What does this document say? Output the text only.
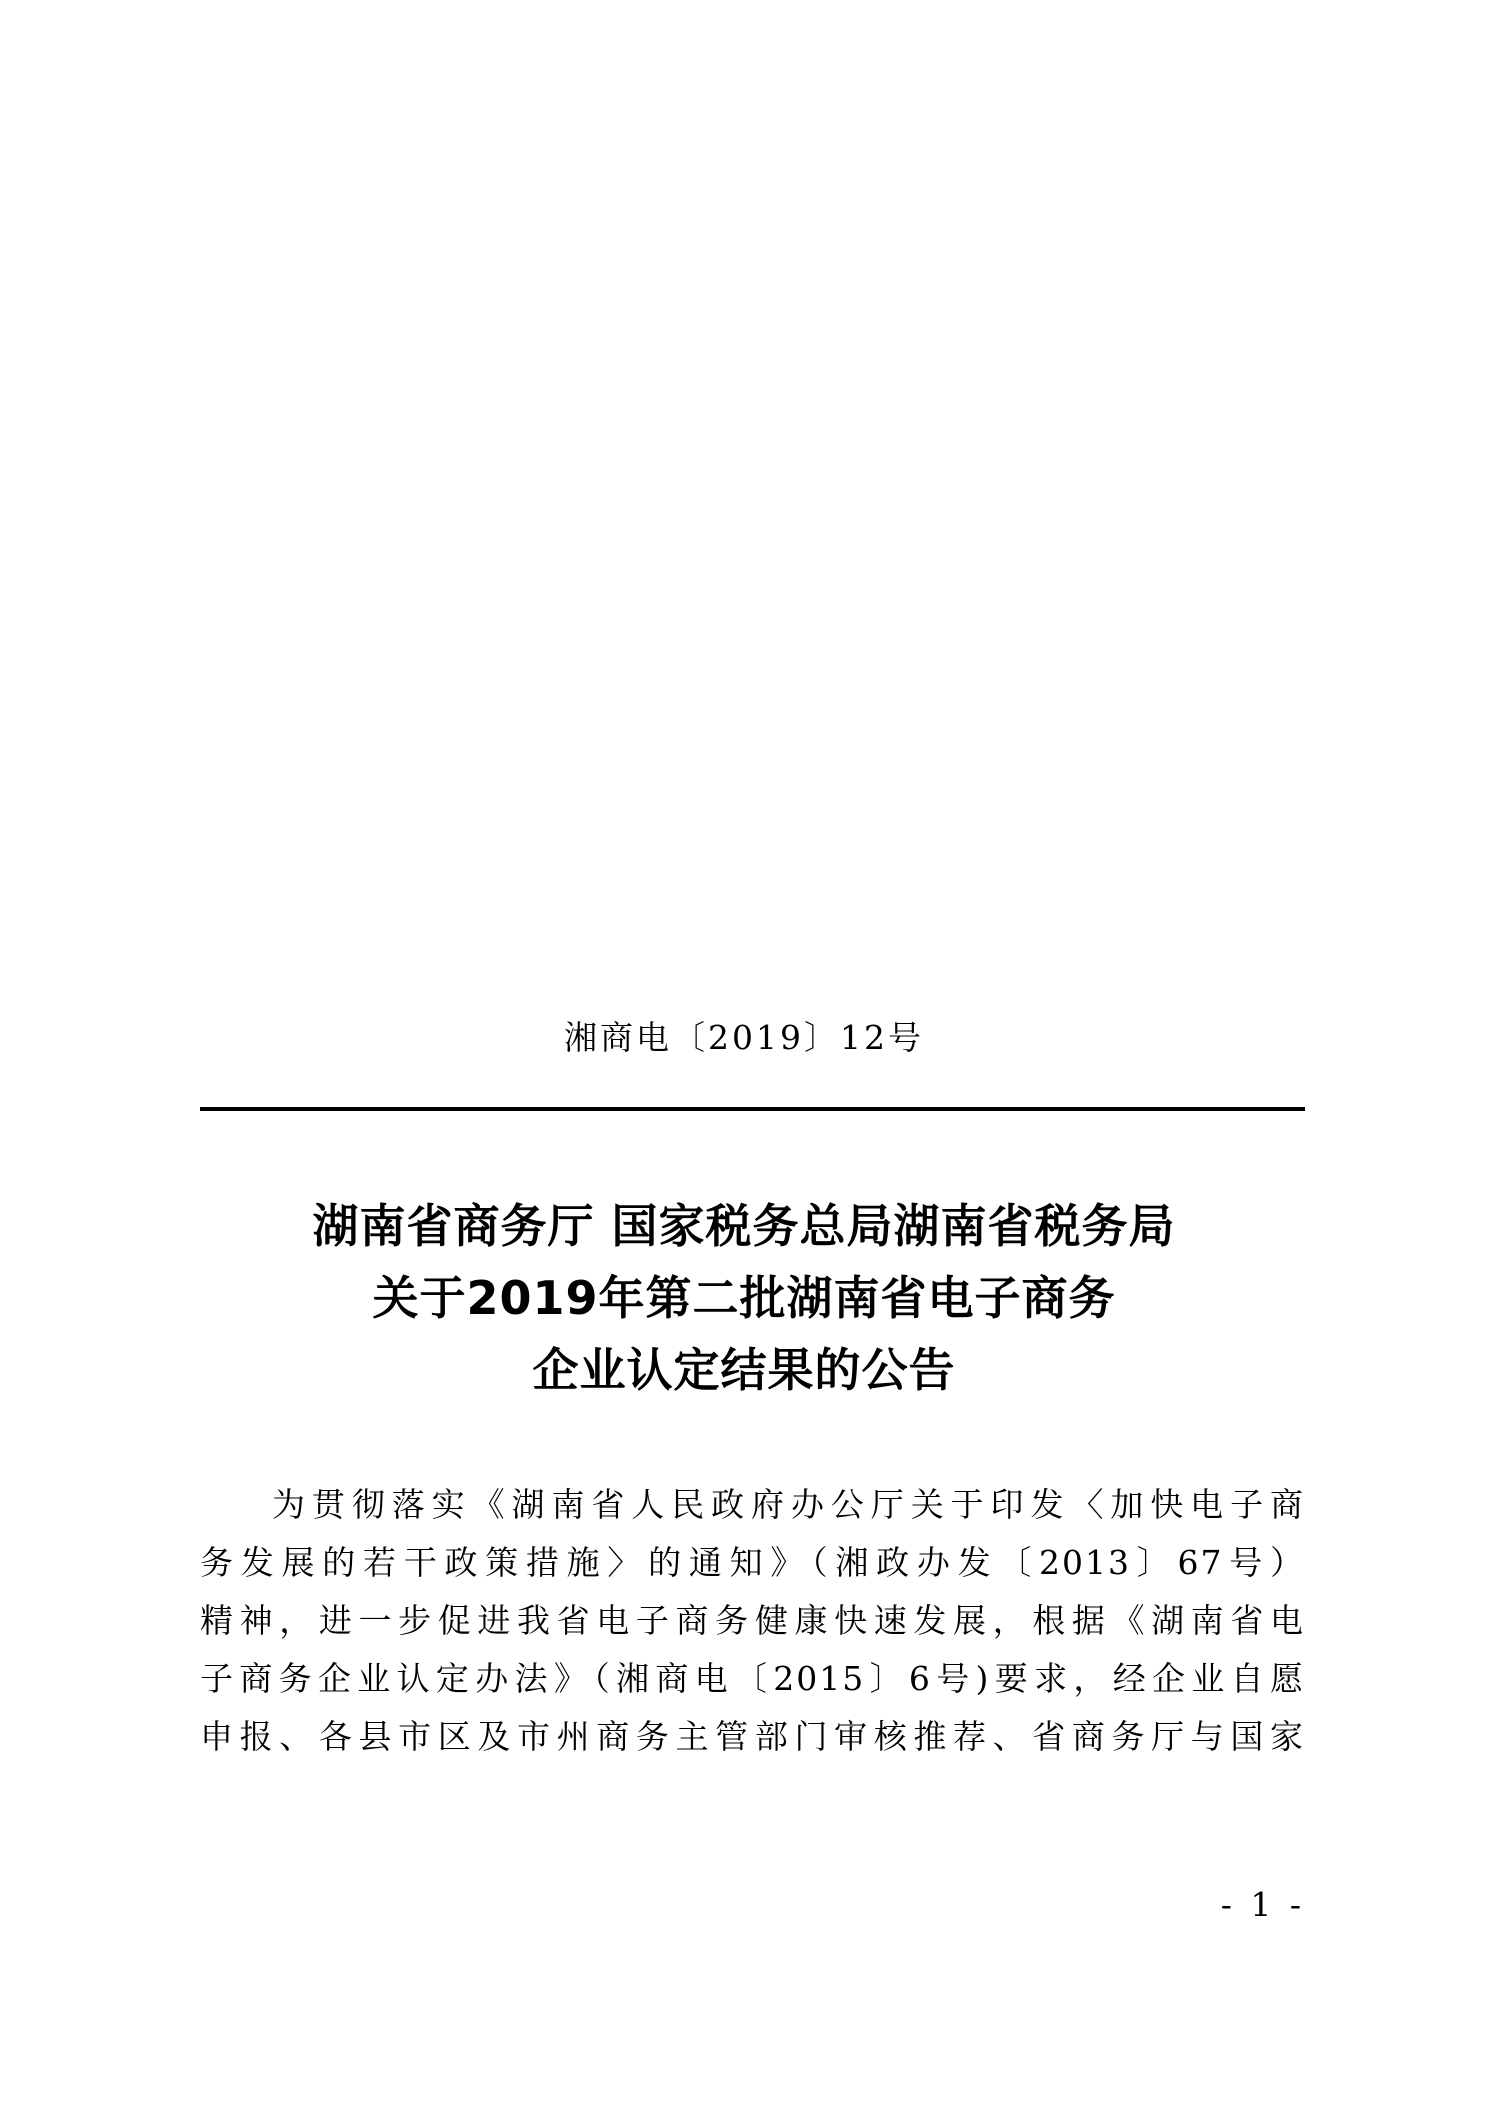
湘商电〔2019〕12号
湖南省商务厅 国家税务总局湖南省税务局
关于2019年第二批湖南省电子商务
企业认定结果的公告
为贯彻落实《湖南省人民政府办公厅关于印发〈加快电子商
务发展的若干政策措施〉的通知》（湘政办发〔2013〕67号）
精神，进一步促进我省电子商务健康快速发展，根据《湖南省电
子商务企业认定办法》（湘商电〔2015〕6号)要求，经企业自愿
申报、各县市区及市州商务主管部门审核推荐、省商务厅与国家
- 1 -
